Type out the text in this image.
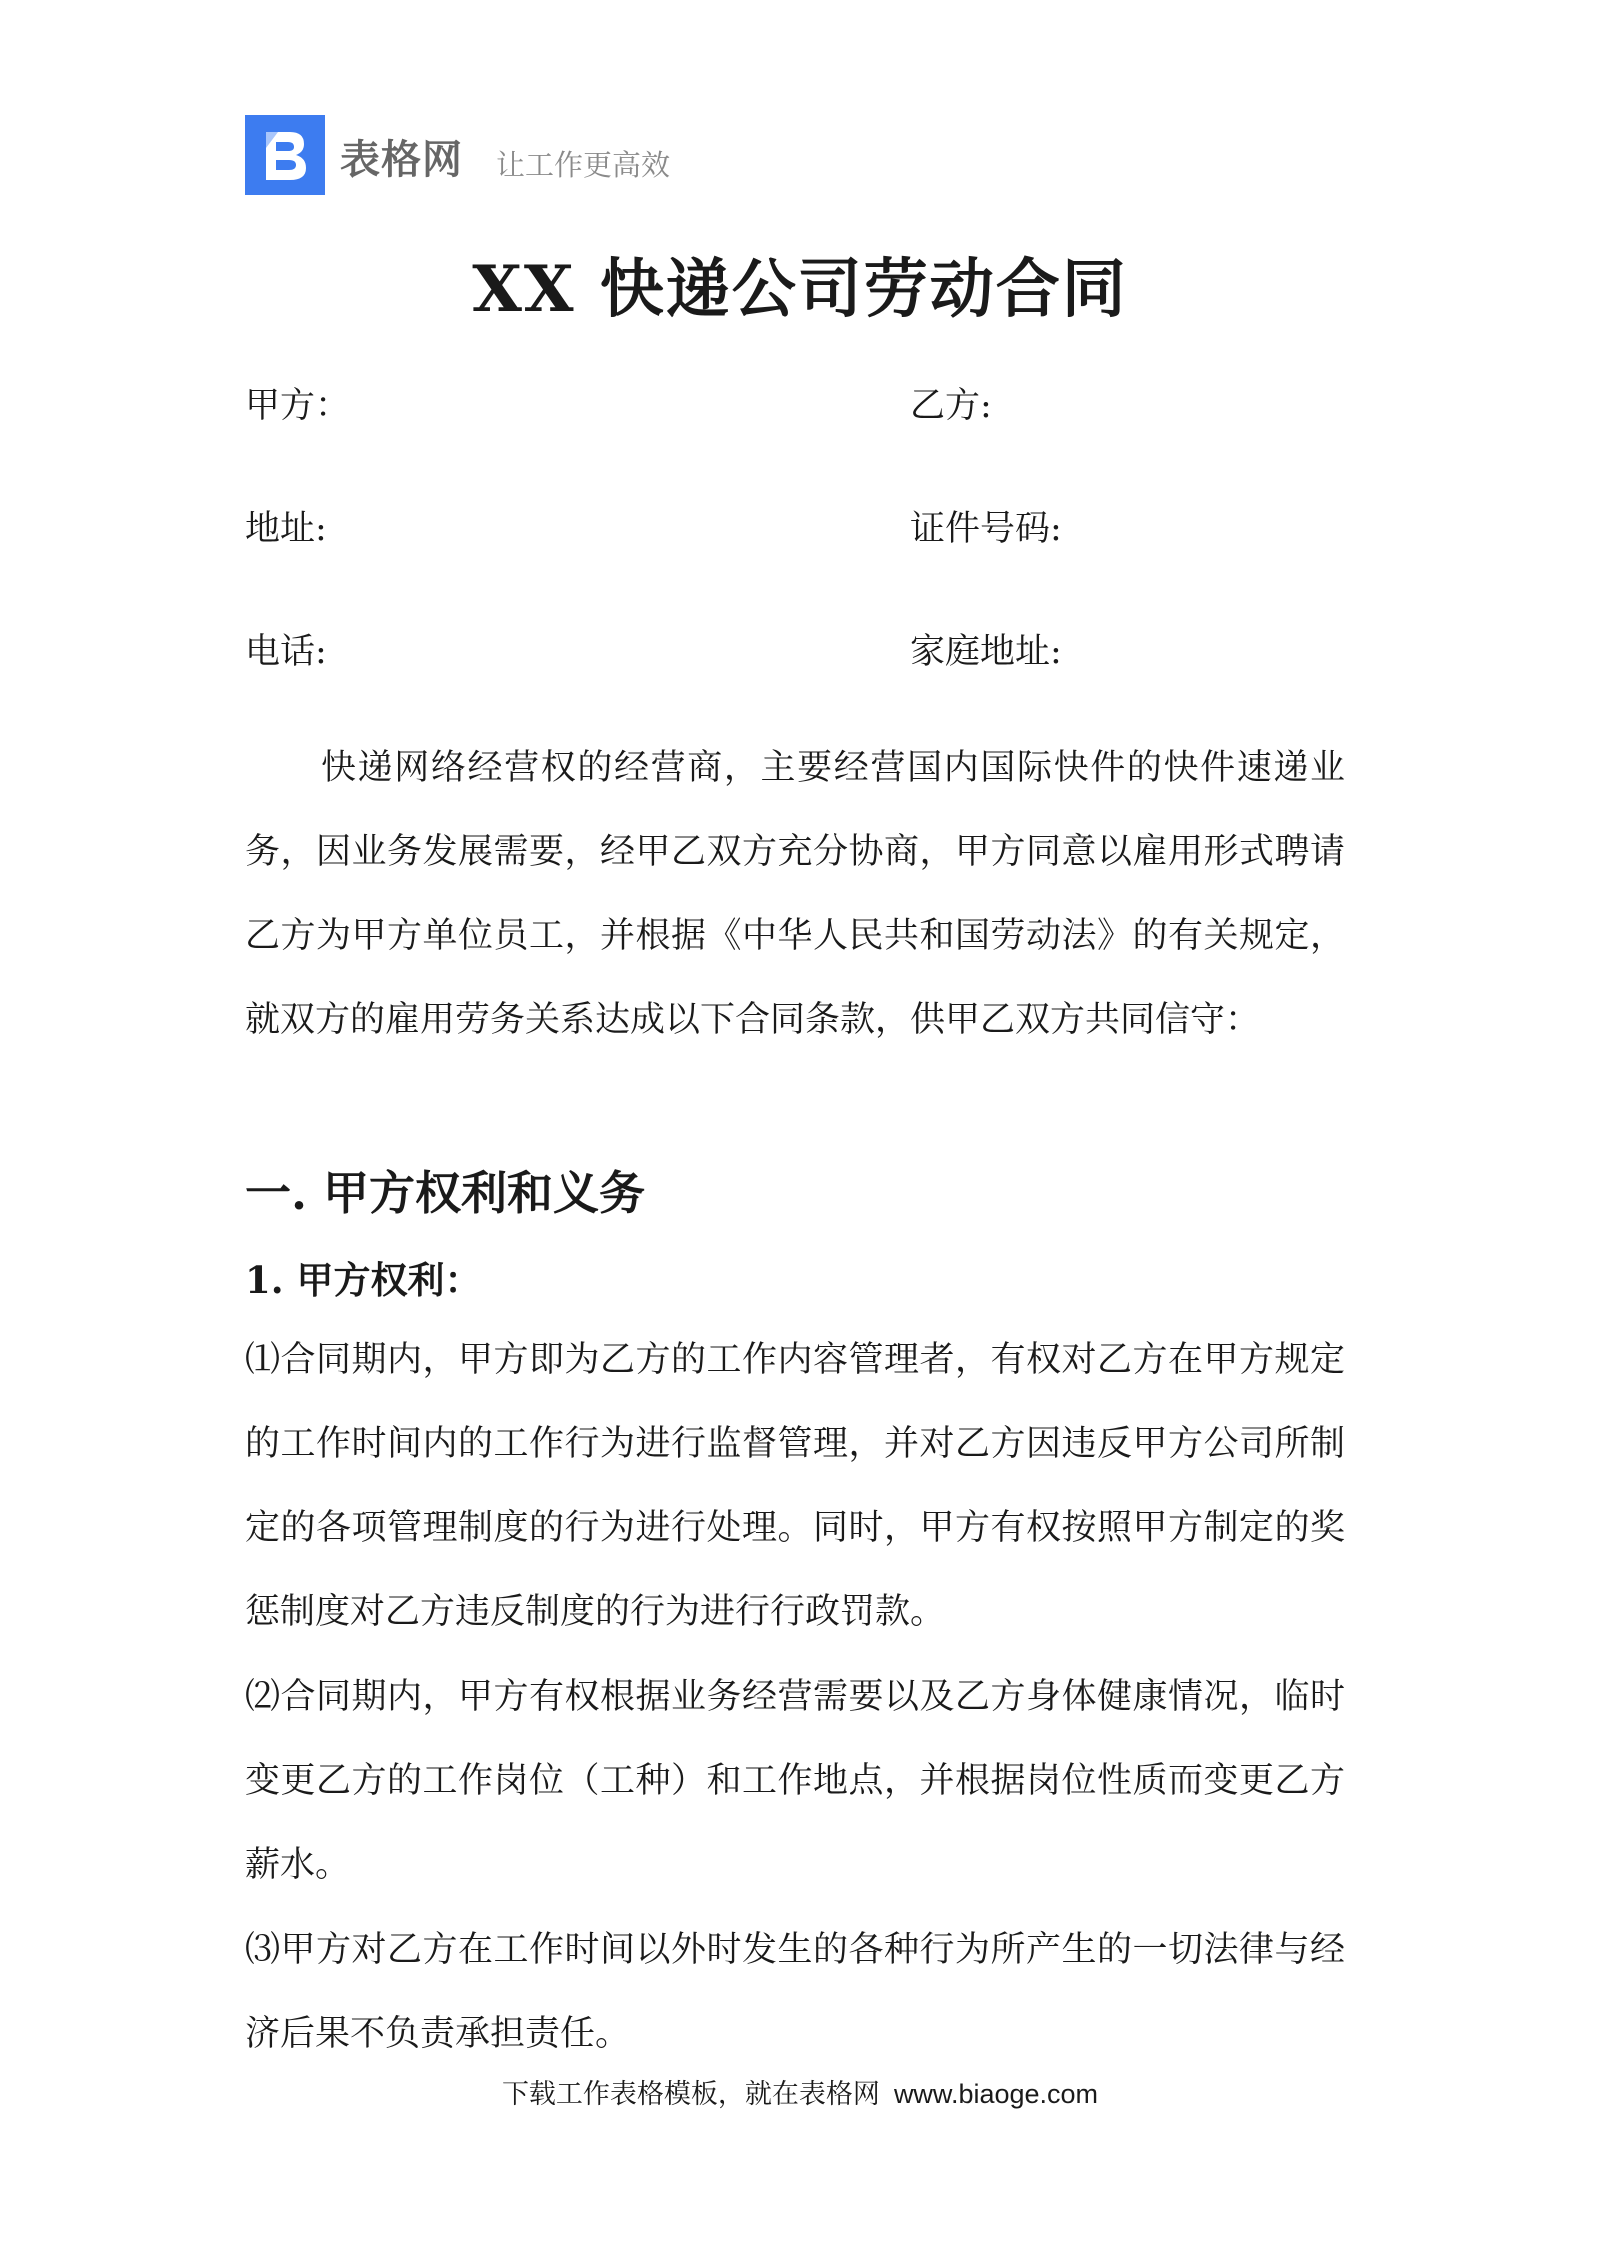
表格网 让工作更高效
XX 快递公司劳动合同
甲方：	乙方:
地址:	证件号码:
电话:	家庭地址:

快递网络经营权的经营商，主要经营国内国际快件的快件速递业务，因业务发展需要，经甲乙双方充分协商，甲方同意以雇用形式聘请乙方为甲方单位员工，并根据《中华人民共和国劳动法》的有关规定，就双方的雇用劳务关系达成以下合同条款，供甲乙双方共同信守：

一. 甲方权利和义务
1. 甲方权利：

⑴合同期内，甲方即为乙方的工作内容管理者，有权对乙方在甲方规定的工作时间内的工作行为进行监督管理，并对乙方因违反甲方公司所制定的各项管理制度的行为进行处理。同时，甲方有权按照甲方制定的奖惩制度对乙方违反制度的行为进行行政罚款。

⑵合同期内，甲方有权根据业务经营需要以及乙方身体健康情况，临时变更乙方的工作岗位（工种）和工作地点，并根据岗位性质而变更乙方薪水。

⑶甲方对乙方在工作时间以外时发生的各种行为所产生的一切法律与经济后果不负责承担责任。

下载工作表格模板，就在表格网 www.biaoge.com
